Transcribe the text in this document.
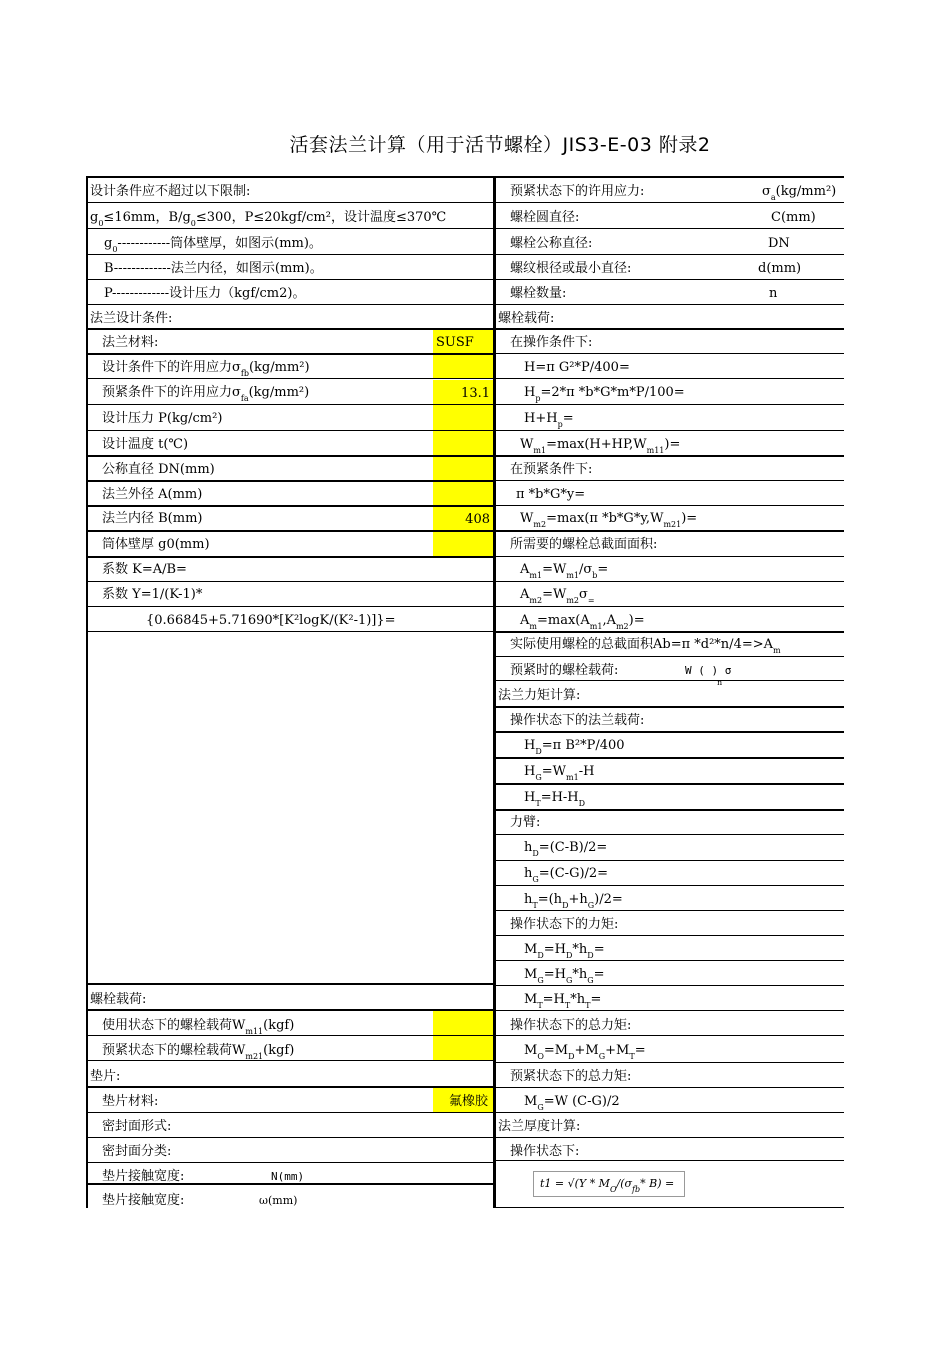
活套法兰计算（用于活节螺栓）JIS3-E-03 附录2
设计条件应不超过以下限制:
$g_0\le 16mm$，$B/g_0\le 300$，P≤20kgf/cm²，设计温度≤370℃
$g_0------------$筒体壁厚，如图示(mm)。
B-------------法兰内径，如图示(mm)。
P-------------设计压力（kgf/cm2)。
法兰设计条件:
法兰材料:	SUSF
设计条件下的许用应力$\sigma_{fb}(kg/mm^2)$
预紧条件下的许用应力$\sigma_{fa}(kg/mm^2)$	13.1
设计压力 P(kg/cm²)
设计温度 t(℃)
公称直径 DN(mm)
法兰外径 A(mm)
法兰内径 B(mm)	408
筒体壁厚 g0(mm)
系数 K=A/B=
系数 Y=1/(K-1)*
{0.66845+5.71690*[K²logK/(K²-1)]}=
螺栓载荷:
使用状态下的螺栓载荷$W_{m11}(kgf)$
预紧状态下的螺栓载荷$W_{m21}(kgf)$
垫片:
垫片材料:	氟橡胶
密封面形式:
密封面分类:
垫片接触宽度:	N(mm)
垫片接触宽度:	ω(mm)
预紧状态下的许用应力:	$\sigma_a(kg/mm^2)$
螺栓圆直径:	C(mm)
螺栓公称直径:	DN
螺纹根径或最小直径:	d(mm)
螺栓数量:	n
螺栓载荷:
在操作条件下:
H=π G²*P/400=
$H_p=2*\pi$ *b*G*m*P/100=
$H+H_p=$
$W_{m1}=\max(H+HP,W_{m11})=$
在预紧条件下:
π *b*G*y=
$W_{m2}=\max(\pi$ $*b*G*y,W_{m21})=$
所需要的螺栓总截面面积:
$A_{m1}=W_{m1}/\sigma_b=$
$A_{m2}=W_{m2}\sigma_=$
$A_m=\max(A_{m1},A_{m2})=$
实际使用螺栓的总截面积Ab=π $*d^2*n/4=>A_m$
预紧时的螺栓载荷:	W ( ) σ
n
法兰力矩计算:
操作状态下的法兰载荷:
$H_D=\pi$ B²*P/400
$H_G=W_{m1}-H$
$H_T=H-H_D$
力臂:
$h_D=(C-B)/2=$
$h_G=(C-G)/2=$
$h_T=(h_D+h_G)/2=$
操作状态下的力矩:
$M_D=H_D*h_D=$
$M_G=H_G*h_G=$
$M_T=H_T*h_T=$
操作状态下的总力矩:
$M_O=M_D+M_G+M_T=$
预紧状态下的总力矩:
$M_G=W$ (C-G)/2
法兰厚度计算:
操作状态下:
$t1 = √(Y * M_O/(\sigma_{fb}*$ B) =
